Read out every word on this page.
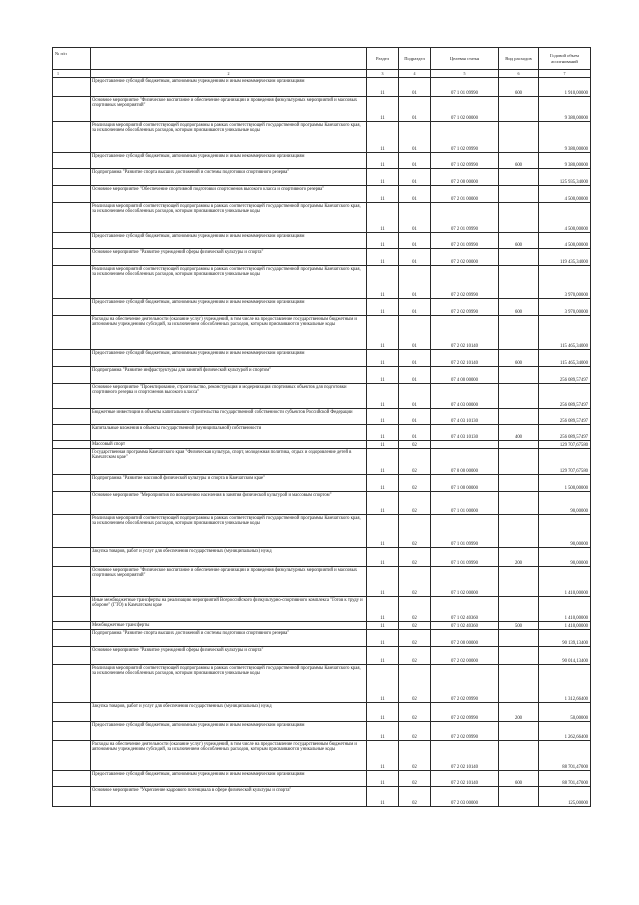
№ п/п		Раздел	Подраздел	Целевая статья	Вид расходов	Годовой объем ассигнований
1	2	3	4	5	6	7
	Предоставление субсидий бюджетным, автономным учреждениям и иным некоммерческим организациям	11	01	07 1 01 09990	600	1 910,00000
	Основное мероприятие "Физическое воспитание и обеспечение организации и проведения физкультурных мероприятий и массовых спортивных мероприятий"	11	01	07 1 02 00000		9 380,00000
	Реализация мероприятий соответствующей подпрограммы в рамках соответствующей государственной программы Камчатского края, за исключением обособленных расходов, которым присваиваются уникальные коды	11	01	07 1 02 09990		9 380,00000
	Предоставление субсидий бюджетным, автономным учреждениям и иным некоммерческим организациям	11	01	07 1 02 09990	600	9 380,00000
	Подпрограмма "Развитие спорта высших достижений и системы подготовки спортивного резерва"	11	01	07 2 00 00000		125 935,34000
	Основное мероприятие "Обеспечение спортивной подготовки спортсменов высокого класса и спортивного резерва"	11	01	07 2 01 00000		4 500,00000
	Реализация мероприятий соответствующей подпрограммы в рамках соответствующей государственной программы Камчатского края, за исключением обособленных расходов, которым присваиваются уникальные коды	11	01	07 2 01 09990		4 500,00000
	Предоставление субсидий бюджетным, автономным учреждениям и иным некоммерческим организациям	11	01	07 2 01 09990	600	4 500,00000
	Основное мероприятие "Развитие учреждений сферы физической культуры и спорта"	11	01	07 2 02 00000		119 435,34000
	Реализация мероприятий соответствующей подпрограммы в рамках соответствующей государственной программы Камчатского края, за исключением обособленных расходов, которым присваиваются уникальные коды	11	01	07 2 02 09990		3 970,00000
	Предоставление субсидий бюджетным, автономным учреждениям и иным некоммерческим организациям	11	01	07 2 02 09990	600	3 970,00000
	Расходы на обеспечение деятельности (оказание услуг) учреждений, в том числе на предоставление государственным бюджетным и автономным учреждениям субсидий, за исключением обособленных расходов, которым присваиваются уникальные коды	11	01	07 2 02 10140		115 465,34000
	Предоставление субсидий бюджетным, автономным учреждениям и иным некоммерческим организациям	11	01	07 2 02 10140	600	115 465,34000
	Подпрограмма "Развитие инфраструктуры для занятий физической культурой и спортом"	11	01	07 4 00 00000		256 089,57497
	Основное мероприятие "Проектирование, строительство, реконструкция и модернизация спортивных объектов для подготовки спортивного резерва и спортсменов высокого класса"	11	01	07 4 03 00000		256 089,57497
	Бюджетные инвестиции в объекты капитального строительства государственной собственности субъектов Российской Федерации	11	01	07 4 03 10130		256 089,57497
	Капитальные вложения в объекты государственной (муниципальной) собственности	11	01	07 4 03 10130	400	256 089,57497
	Массовый спорт	11	02			129 707,67580
	Государственная программа Камчатского края "Физическая культура, спорт, молодежная политика, отдых и оздоровление детей в Камчатском крае"	11	02	07 0 00 00000		129 707,67580
	Подпрограмма "Развитие массовой физической культуры и спорта в Камчатском крае"	11	02	07 1 00 00000		1 500,00000
	Основное мероприятие "Мероприятия по вовлечению населения в занятия физической культурой и массовым спортом"	11	02	07 1 01 00000		90,00000
	Реализация мероприятий соответствующей подпрограммы в рамках соответствующей государственной программы Камчатского края, за исключением обособленных расходов, которым присваиваются уникальные коды	11	02	07 1 01 09990		90,00000
	Закупка товаров, работ и услуг для обеспечения государственных (муниципальных) нужд	11	02	07 1 01 09990	200	90,00000
	Основное мероприятие "Физическое воспитание и обеспечение организации и проведения физкультурных мероприятий и массовых спортивных мероприятий"	11	02	07 1 02 00000		1 410,00000
	Иные межбюджетные трансферты на реализацию мероприятий Всероссийского физкультурно-спортивного комплекса "Готов к труду и обороне" (ГТО) в Камчатском крае	11	02	07 1 02 40360		1 410,00000
	Межбюджетные трансферты	11	02	07 1 02 40360	500	1 410,00000
	Подпрограмма "Развитие спорта высших достижений и системы подготовки спортивного резерва"	11	02	07 2 00 00000		90 139,13400
	Основное мероприятие "Развитие учреждений сферы физической культуры и спорта"	11	02	07 2 02 00000		90 014,13400
	Реализация мероприятий соответствующей подпрограммы в рамках соответствующей государственной программы Камчатского края, за исключением обособленных расходов, которым присваиваются уникальные коды	11	02	07 2 02 09990		1 312,66400
	Закупка товаров, работ и услуг для обеспечения государственных (муниципальных) нужд	11	02	07 2 02 09990	200	50,00000
	Предоставление субсидий бюджетным, автономным учреждениям и иным некоммерческим организациям	11	02	07 2 02 09990		1 262,66400
	Расходы на обеспечение деятельности (оказание услуг) учреждений, в том числе на предоставление государственным бюджетным и автономным учреждениям субсидий, за исключением обособленных расходов, которым присваиваются уникальные коды	11	02	07 2 02 10140		88 701,47000
	Предоставление субсидий бюджетным, автономным учреждениям и иным некоммерческим организациям	11	02	07 2 02 10140	600	88 701,47000
	Основное мероприятие "Укрепление кадрового потенциала в сфере физической культуры и спорта"	11	02	07 2 03 00000		125,00000
